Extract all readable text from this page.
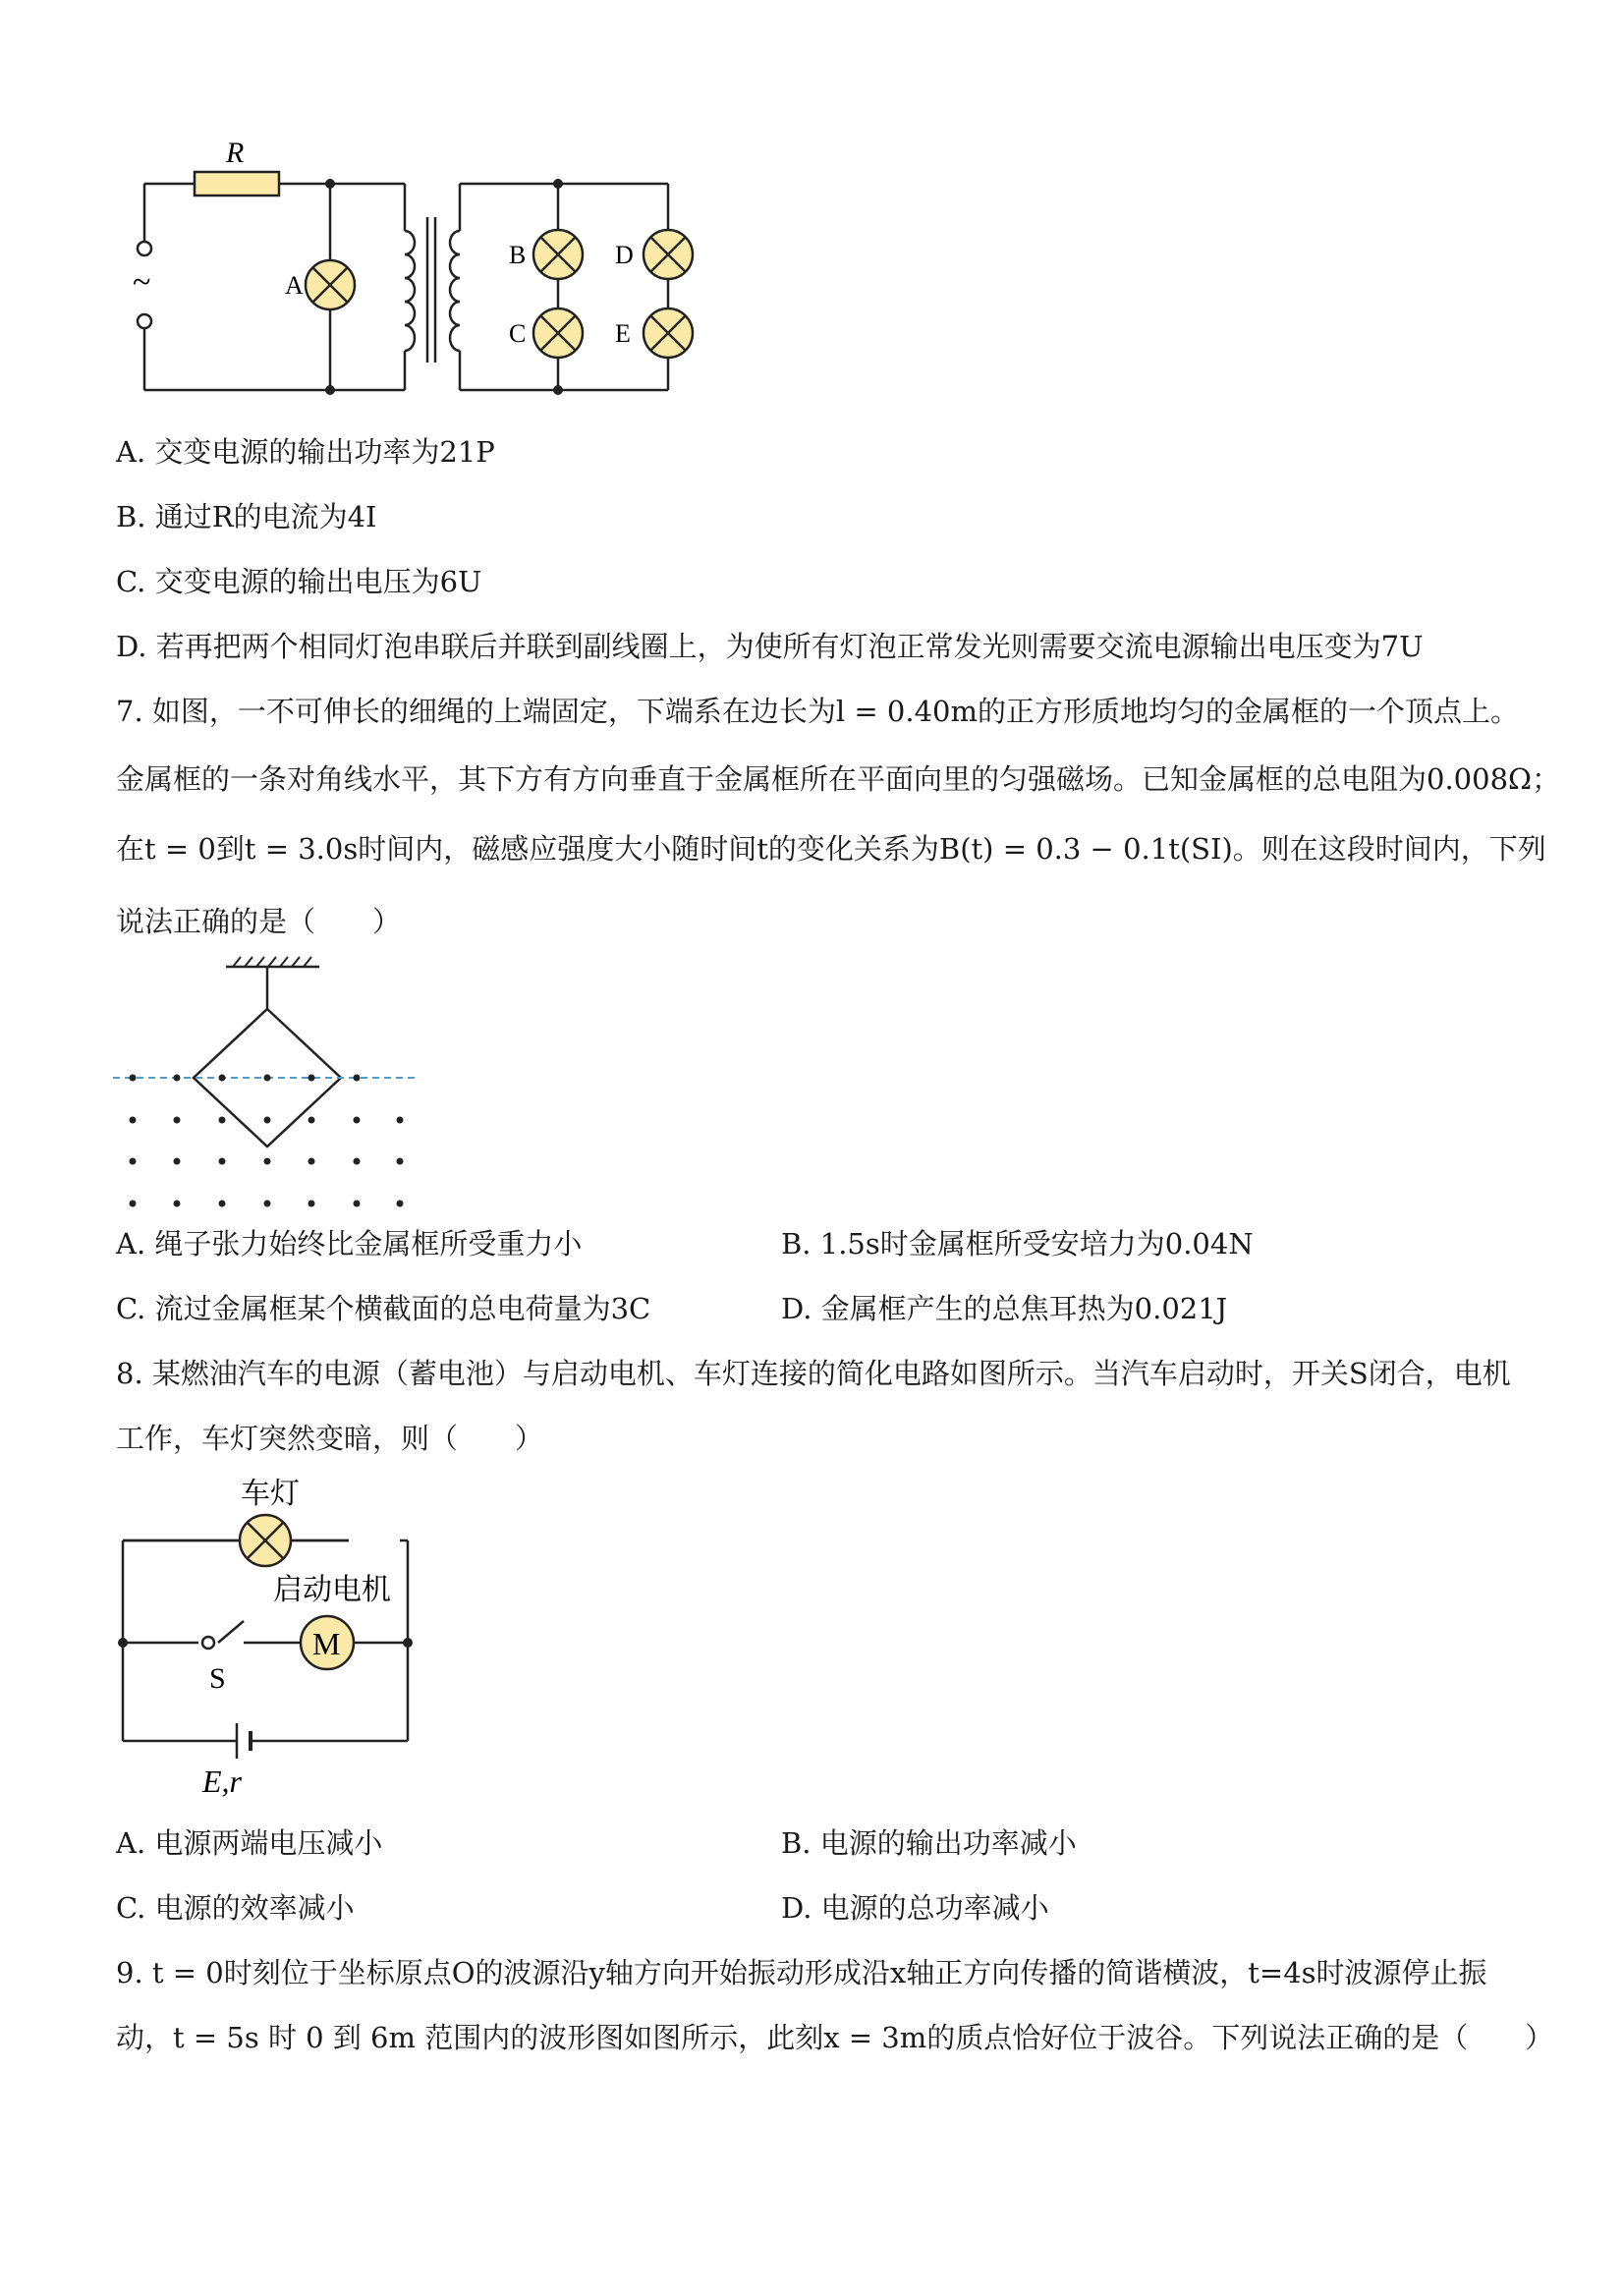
R
~	A
B
C
D
E
A. 交变电源的输出功率为21P
B. 通过R的电流为4I
C. 交变电源的输出电压为6U
D. 若再把两个相同灯泡串联后并联到副线圈上，为使所有灯泡正常发光则需要交流电源输出电压变为7U
7. 如图，一不可伸长的细绳的上端固定，下端系在边长为l = 0.40m的正方形质地均匀的金属框的一个顶点上。
金属框的一条对角线水平，其下方有方向垂直于金属框所在平面向里的匀强磁场。已知金属框的总电阻为0.008Ω；
在t = 0到t = 3.0s时间内，磁感应强度大小随时间t的变化关系为B(t) = 0.3 − 0.1t(SI)。则在这段时间内，下列
说法正确的是（　　）
A. 绳子张力始终比金属框所受重力小	B. 1.5s时金属框所受安培力为0.04N
C. 流过金属框某个横截面的总电荷量为3C	D. 金属框产生的总焦耳热为0.021J
8. 某燃油汽车的电源（蓄电池）与启动电机、车灯连接的简化电路如图所示。当汽车启动时，开关S闭合，电机
工作，车灯突然变暗，则（　　）
M
车灯
启动电机
S
E,r
A. 电源两端电压减小	B. 电源的输出功率减小
C. 电源的效率减小	D. 电源的总功率减小
9. t = 0时刻位于坐标原点O的波源沿y轴方向开始振动形成沿x轴正方向传播的简谐横波，t=4s时波源停止振
动，t = 5s 时 0 到 6m 范围内的波形图如图所示，此刻x = 3m的质点恰好位于波谷。下列说法正确的是（　　）
